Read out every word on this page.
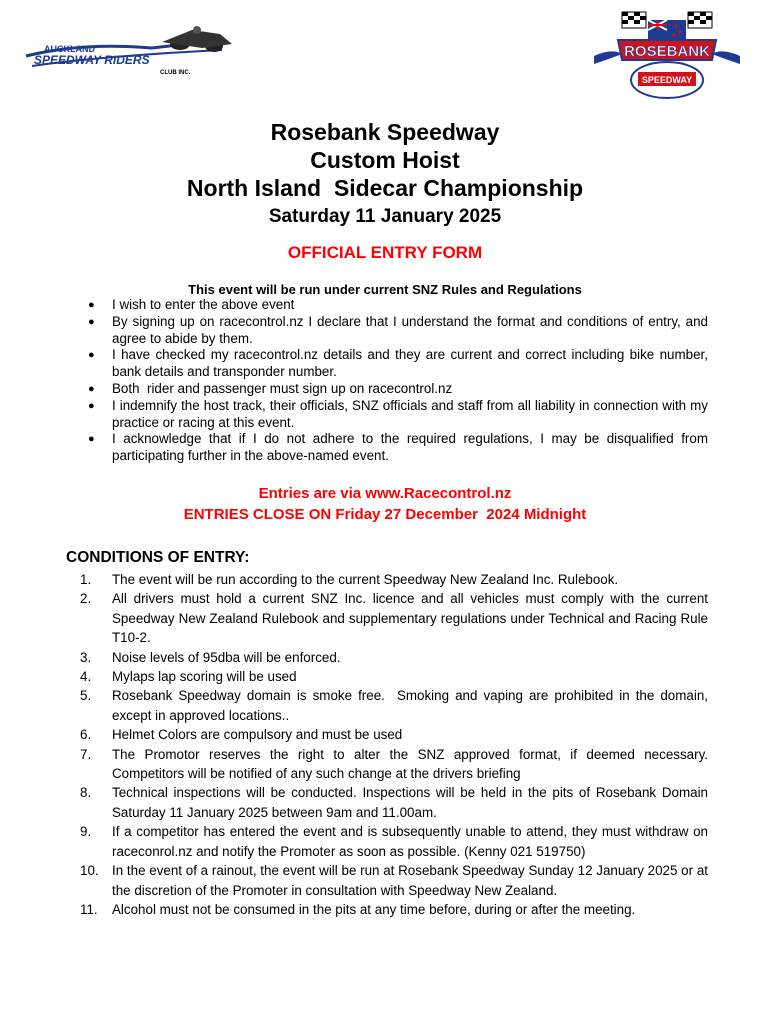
AUCKLAND
SPEEDWAY RIDERS
CLUB INC.
ROSEBANK
SPEEDWAY
Rosebank Speedway
Custom Hoist
North Island  Sidecar Championship
Saturday 11 January 2025
OFFICIAL ENTRY FORM
This event will be run under current SNZ Rules and Regulations
● I wish to enter the above event
● By signing up on racecontrol.nz I declare that I understand the format and conditions of entry, and agree to abide by them.
● I have checked my racecontrol.nz details and they are current and correct including bike number, bank details and transponder number.
● Both  rider and passenger must sign up on racecontrol.nz
● I indemnify the host track, their officials, SNZ officials and staff from all liability in connection with my practice or racing at this event.
● I acknowledge that if I do not adhere to the required regulations, I may be disqualified from participating further in the above-named event.
Entries are via www.Racecontrol.nz
ENTRIES CLOSE ON Friday 27 December  2024 Midnight
CONDITIONS OF ENTRY:
1.	The event will be run according to the current Speedway New Zealand Inc. Rulebook.
2.	All drivers must hold a current SNZ Inc. licence and all vehicles must comply with the current Speedway New Zealand Rulebook and supplementary regulations under Technical and Racing Rule T10-2.
3.	Noise levels of 95dba will be enforced.
4.	Mylaps lap scoring will be used
5.	Rosebank Speedway domain is smoke free.  Smoking and vaping are prohibited in the domain, except in approved locations..
6.	Helmet Colors are compulsory and must be used
7.	The Promotor reserves the right to alter the SNZ approved format, if deemed necessary.  Competitors will be notified of any such change at the drivers briefing
8.	Technical inspections will be conducted. Inspections will be held in the pits of Rosebank Domain Saturday 11 January 2025 between 9am and 11.00am.
9.	If a competitor has entered the event and is subsequently unable to attend, they must withdraw on raceconrol.nz and notify the Promoter as soon as possible. (Kenny 021 519750)
10. In the event of a rainout, the event will be run at Rosebank Speedway Sunday 12 January 2025 or at the discretion of the Promoter in consultation with Speedway New Zealand.
11.	Alcohol must not be consumed in the pits at any time before, during or after the meeting.
